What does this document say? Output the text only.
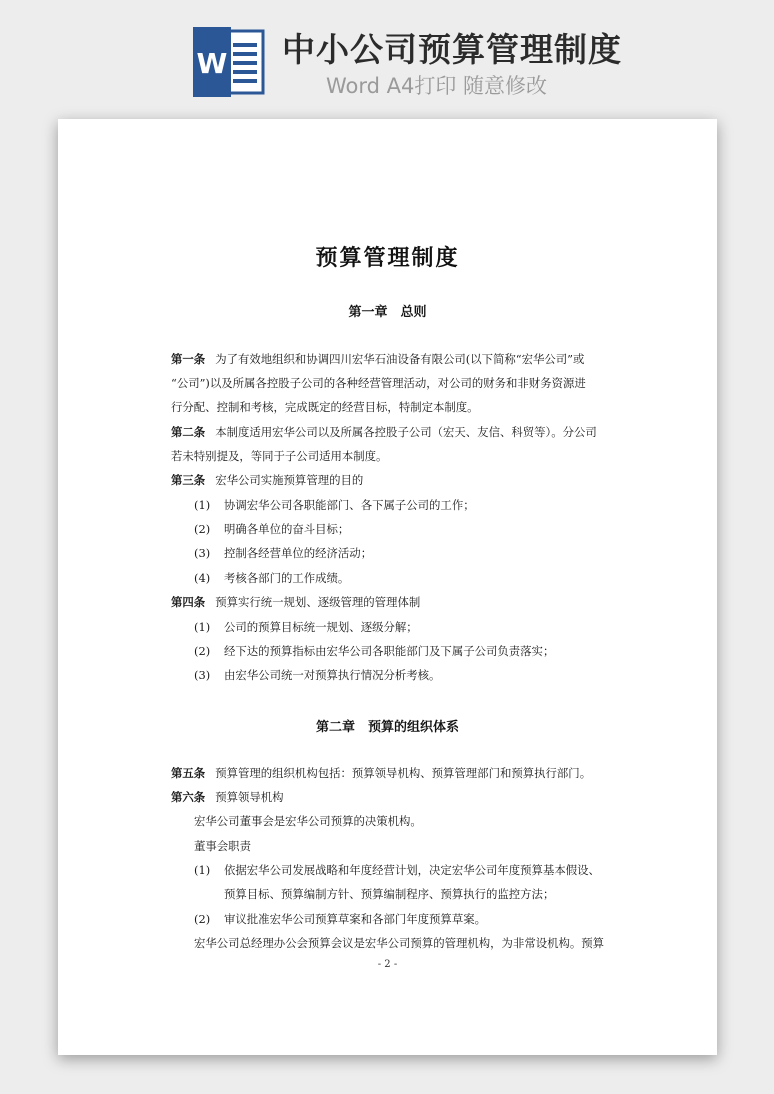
W 中小公司预算管理制度
Word A4打印 随意修改
​
预算管理制度
第一章　总则
第一条 为了有效地组织和协调四川宏华石油设备有限公司(以下简称“宏华公司”或
“公司”)以及所属各控股子公司的各种经营管理活动，对公司的财务和非财务资源进
行分配、控制和考核，完成既定的经营目标，特制定本制度。
第二条 本制度适用宏华公司以及所属各控股子公司（宏天、友信、科贸等）。分公司
若未特别提及，等同于子公司适用本制度。
第三条 宏华公司实施预算管理的目的
(1) 协调宏华公司各职能部门、各下属子公司的工作；
(2) 明确各单位的奋斗目标；
(3) 控制各经营单位的经济活动；
(4) 考核各部门的工作成绩。
第四条 预算实行统一规划、逐级管理的管理体制
(1) 公司的预算目标统一规划、逐级分解；
(2) 经下达的预算指标由宏华公司各职能部门及下属子公司负责落实；
(3) 由宏华公司统一对预算执行情况分析考核。
第二章　预算的组织体系
第五条 预算管理的组织机构包括：预算领导机构、预算管理部门和预算执行部门。
第六条 预算领导机构
宏华公司董事会是宏华公司预算的决策机构。
董事会职责
(1) 依据宏华公司发展战略和年度经营计划，决定宏华公司年度预算基本假设、
预算目标、预算编制方针、预算编制程序、预算执行的监控方法；
(2) 审议批准宏华公司预算草案和各部门年度预算草案。
宏华公司总经理办公会预算会议是宏华公司预算的管理机构，为非常设机构。预算
- 2 -
